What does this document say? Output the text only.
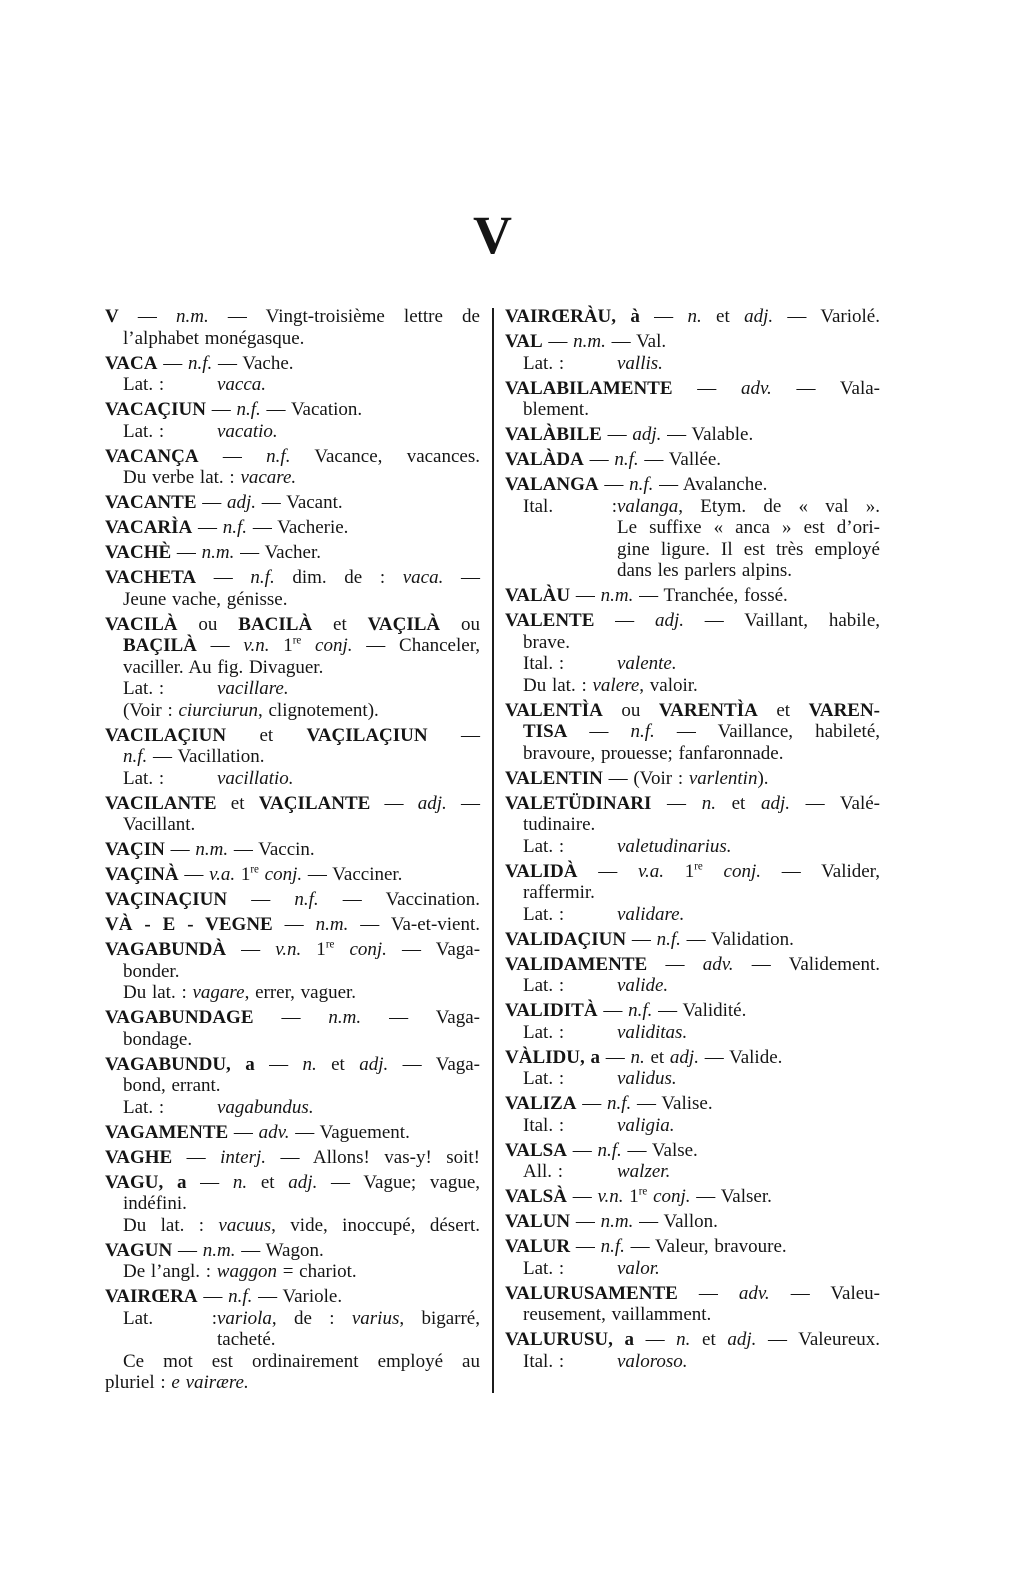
V
V — n.m. — Vingt-troisième lettre de
l’alphabet monégasque.
VACA — n.f. — Vache.
Lat. :	vacca.
VACAÇIUN — n.f. — Vacation.
Lat. :	vacatio.
VACANÇA — n.f. Vacance, vacances.
Du verbe lat. : vacare.
VACANTE — adj. — Vacant.
VACARÌA — n.f. — Vacherie.
VACHÈ — n.m. — Vacher.
VACHETA — n.f. dim. de : vaca. —
Jeune vache, génisse.
VACILÀ ou BACILÀ et VAÇILÀ ou
BAÇILÀ — v.n. 1re conj. — Chanceler,
vaciller. Au fig. Divaguer.
Lat. :	vacillare.
(Voir : ciurciurun, clignotement).
VACILAÇIUN et VAÇILAÇIUN —
n.f. — Vacillation.
Lat. :	vacillatio.
VACILANTE et VAÇILANTE — adj. —
Vacillant.
VAÇIN — n.m. — Vaccin.
VAÇINÀ — v.a. 1re conj. — Vacciner.
VAÇINAÇIUN — n.f. — Vaccination.
VÀ - E - VEGNE — n.m. — Va-et-vient.
VAGABUNDÀ — v.n. 1re conj. — Vaga-
bonder.
Du lat. : vagare, errer, vaguer.
VAGABUNDAGE — n.m. — Vaga-
bondage.
VAGABUNDU, a — n. et adj. — Vaga-
bond, errant.
Lat. :	vagabundus.
VAGAMENTE — adv. — Vaguement.
VAGHE — interj. — Allons! vas-y! soit!
VAGU, a — n. et adj. — Vague; vague,
indéfini.
Du lat. : vacuus, vide, inoccupé, désert.
VAGUN — n.m. — Wagon.
De l’angl. : waggon = chariot.
VAIRŒRA — n.f. — Variole.
Lat. :variola, de : varius, bigarré,
tacheté.
Ce mot est ordinairement employé au
pluriel : e vairære.
VAIRŒRÀU, à — n. et adj. — Variolé.
VAL — n.m. — Val.
Lat. :	vallis.
VALABILAMENTE — adv. — Vala-
blement.
VALÀBILE — adj. — Valable.
VALÀDA — n.f. — Vallée.
VALANGA — n.f. — Avalanche.
Ital. :valanga, Etym. de « val ».
Le suffixe « anca » est d’ori-
gine ligure. Il est très employé
dans les parlers alpins.
VALÀU — n.m. — Tranchée, fossé.
VALENTE — adj. — Vaillant, habile,
brave.
Ital. :	valente.
Du lat. : valere, valoir.
VALENTÌA ou VARENTÌA et VAREN-
TISA — n.f. — Vaillance, habileté,
bravoure, prouesse; fanfaronnade.
VALENTIN — (Voir : varlentin).
VALETÜDINARI — n. et adj. — Valé-
tudinaire.
Lat. :	valetudinarius.
VALIDÀ — v.a. 1re conj. — Valider,
raffermir.
Lat. :	validare.
VALIDAÇIUN — n.f. — Validation.
VALIDAMENTE — adv. — Validement.
Lat. :	valide.
VALIDITÀ — n.f. — Validité.
Lat. :	validitas.
VÀLIDU, a — n. et adj. — Valide.
Lat. :	validus.
VALIZA — n.f. — Valise.
Ital. :	valigia.
VALSA — n.f. — Valse.
All. :	walzer.
VALSÀ — v.n. 1re conj. — Valser.
VALUN — n.m. — Vallon.
VALUR — n.f. — Valeur, bravoure.
Lat. :	valor.
VALURUSAMENTE — adv. — Valeu-
reusement, vaillamment.
VALURUSU, a — n. et adj. — Valeureux.
Ital. :	valoroso.
